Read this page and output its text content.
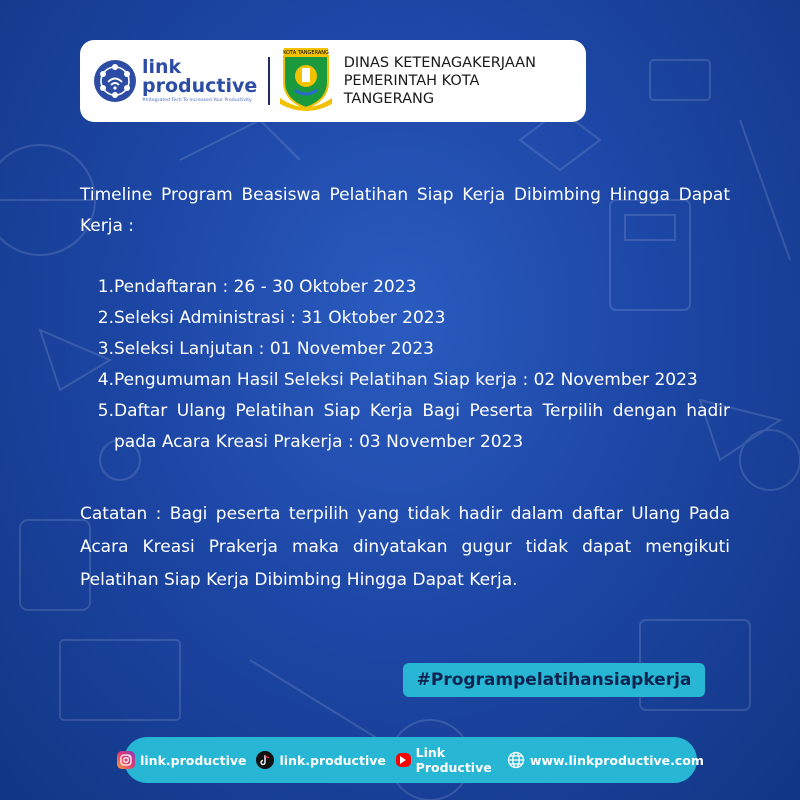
link
productive
#Integrated Tech To Increased Your Productivity
KOTA TANGERANG
DINAS KETENAGAKERJAAN
PEMERINTAH KOTA TANGERANG

Timeline Program Beasiswa Pelatihan Siap Kerja Dibimbing Hingga Dapat Kerja :

1. Pendaftaran : 26 - 30 Oktober 2023
2. Seleksi Administrasi : 31 Oktober 2023
3. Seleksi Lanjutan : 01 November 2023
4. Pengumuman Hasil Seleksi Pelatihan Siap kerja : 02 November 2023
5. Daftar Ulang Pelatihan Siap Kerja Bagi Peserta Terpilih dengan hadir pada Acara Kreasi Prakerja : 03 November 2023

Catatan : Bagi peserta terpilih yang tidak hadir dalam daftar Ulang Pada Acara Kreasi Prakerja maka dinyatakan gugur tidak dapat mengikuti Pelatihan Siap Kerja Dibimbing Hingga Dapat Kerja.

#Programpelatihansiapkerja
link.productive	link.productive Link Productive	www.linkproductive.com
